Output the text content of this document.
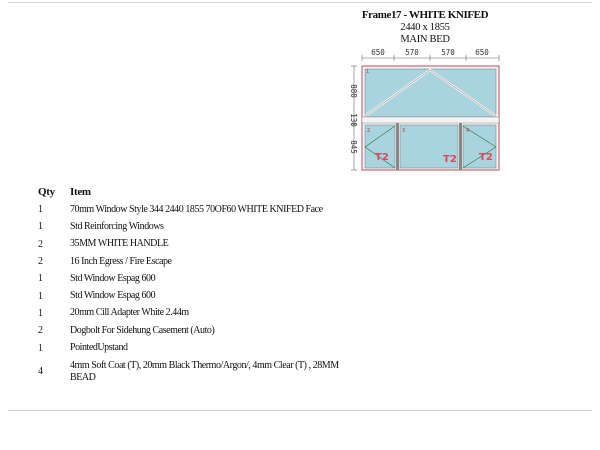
Frame17 - WHITE KNIFED
2440 x 1855
MAIN BED
650	570	570	650
880
130
845
1
2	3	4
T2	T2 T2
Qty	Item
1	70mm Window Style 344 2440 1855 70OF60 WHITE KNIFED Face
1	Std Reinforcing Windows
2	35MM WHITE HANDLE
2	16 Inch Egress / Fire Escape
1	Std Window Espag 600
1	Std Window Espag 600
1	20mm Cill Adapter White 2.44m
2	Dogbolt For Sidehung Casement (Auto)
1	PointedUpstand
4	4mm Soft Coat (T), 20mm Black Thermo/Argon/, 4mm Clear (T) , 28MM
BEAD
